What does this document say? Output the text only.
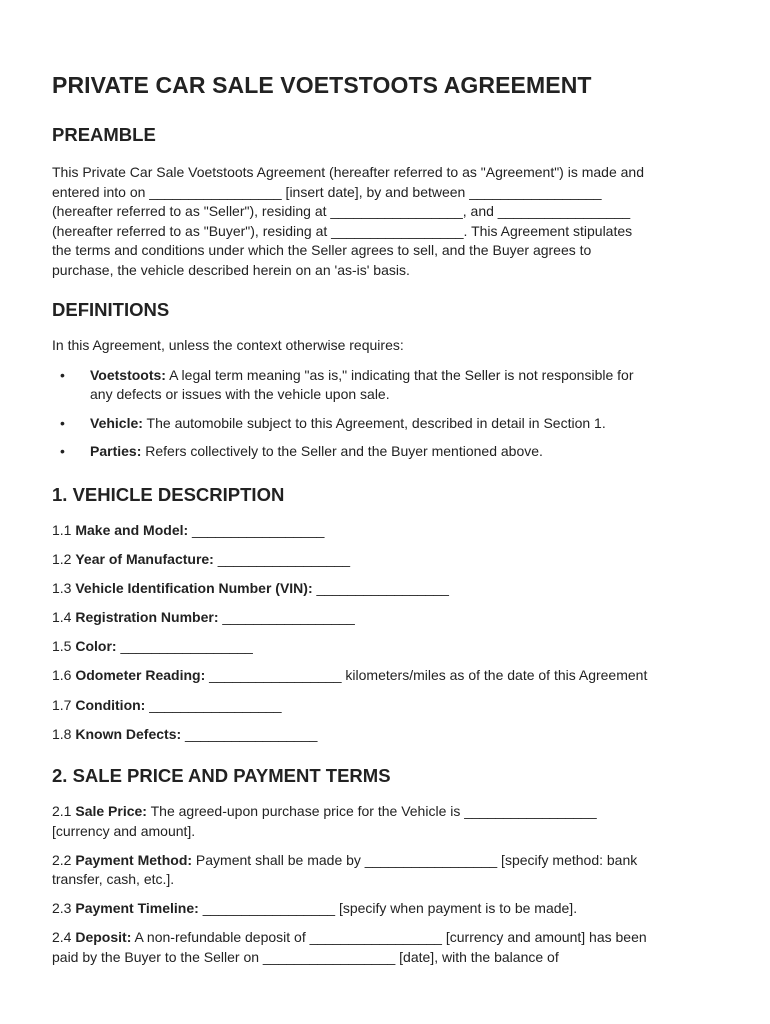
PRIVATE CAR SALE VOETSTOOTS AGREEMENT
PREAMBLE

This Private Car Sale Voetstoots Agreement (hereafter referred to as "Agreement") is made and

entered into on _________________ [insert date], by and between _________________

(hereafter referred to as "Seller"), residing at _________________, and _________________

(hereafter referred to as "Buyer"), residing at _________________. This Agreement stipulates

the terms and conditions under which the Seller agrees to sell, and the Buyer agrees to

purchase, the vehicle described herein on an 'as-is' basis.

DEFINITIONS

In this Agreement, unless the context otherwise requires:

• Voetstoots: A legal term meaning "as is," indicating that the Seller is not responsible for
any defects or issues with the vehicle upon sale.
• Vehicle: The automobile subject to this Agreement, described in detail in Section 1.
• Parties: Refers collectively to the Seller and the Buyer mentioned above.
1. VEHICLE DESCRIPTION
1.1 Make and Model: _________________
1.2 Year of Manufacture: _________________
1.3 Vehicle Identification Number (VIN): _________________
1.4 Registration Number: _________________
1.5 Color: _________________
1.6 Odometer Reading: _________________ kilometers/miles as of the date of this Agreement
1.7 Condition: _________________
1.8 Known Defects: _________________
2. SALE PRICE AND PAYMENT TERMS
2.1 Sale Price: The agreed-upon purchase price for the Vehicle is _________________
[currency and amount].
2.2 Payment Method: Payment shall be made by _________________ [specify method: bank
transfer, cash, etc.].
2.3 Payment Timeline: _________________ [specify when payment is to be made].
2.4 Deposit: A non-refundable deposit of _________________ [currency and amount] has been
paid by the Buyer to the Seller on _________________ [date], with the balance of
